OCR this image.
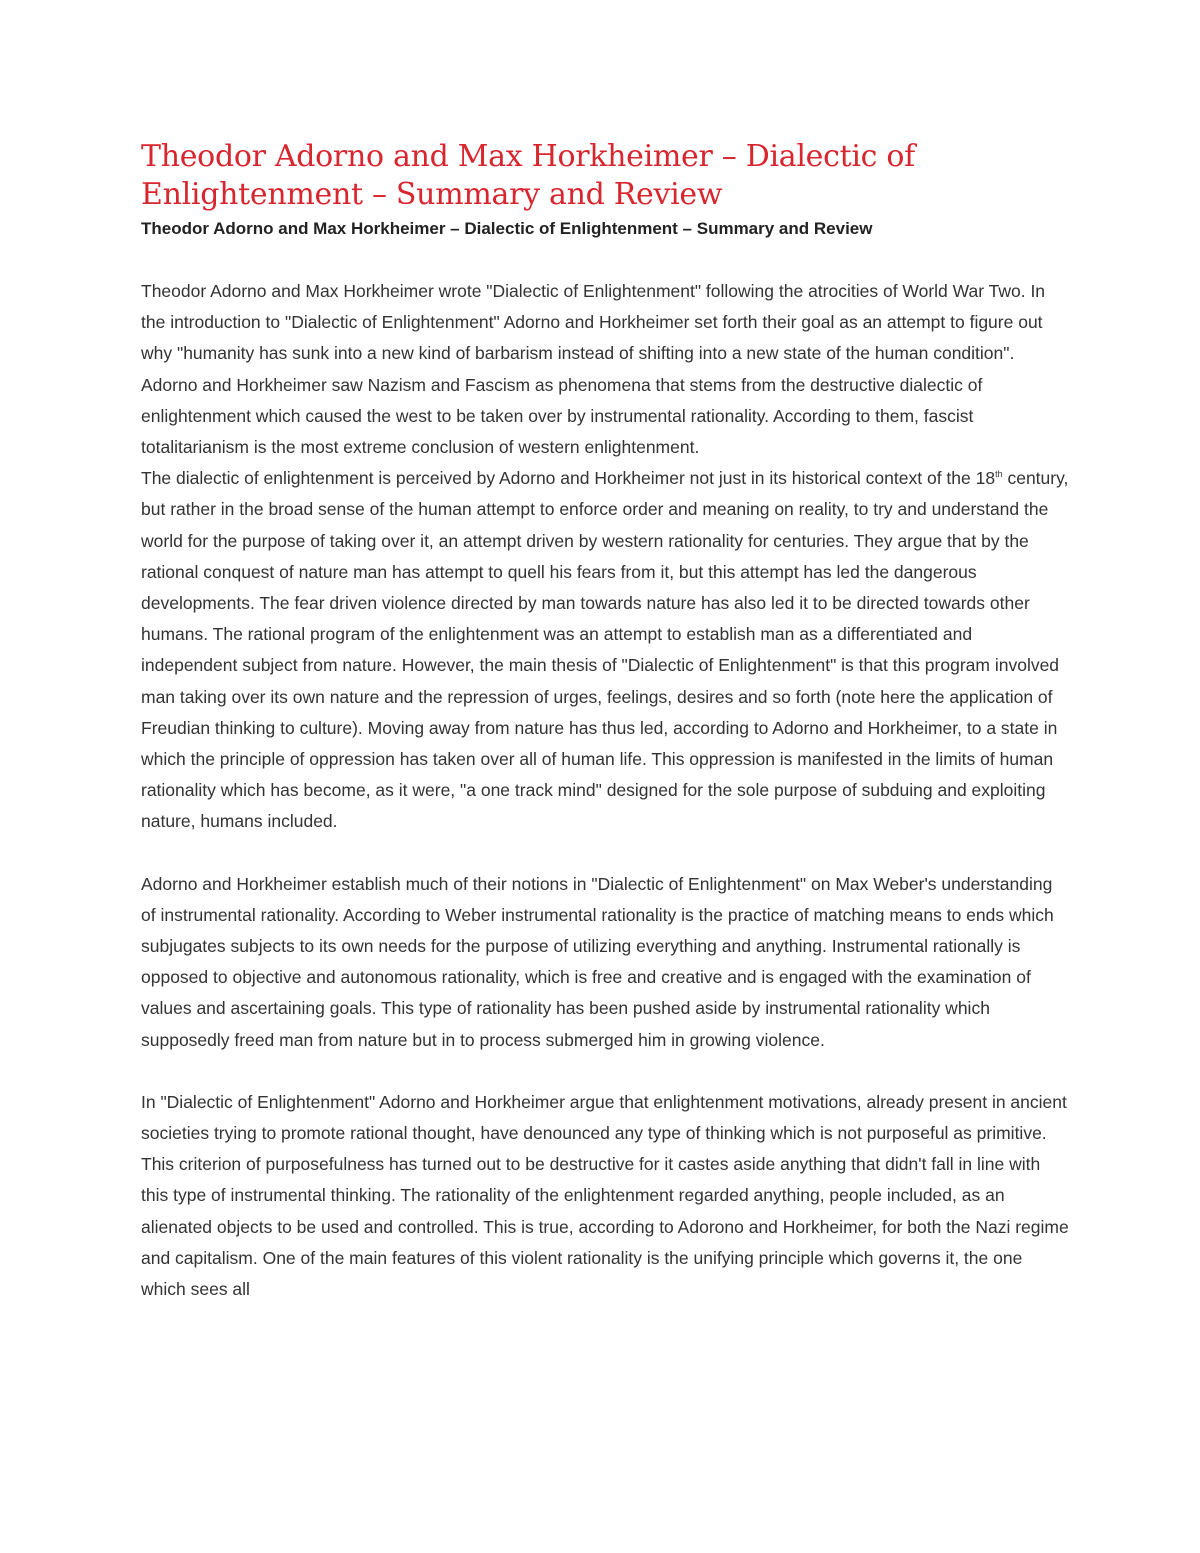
Theodor Adorno and Max Horkheimer – Dialectic of Enlightenment – Summary and Review
Theodor Adorno and Max Horkheimer – Dialectic of Enlightenment – Summary and Review

Theodor Adorno and Max Horkheimer wrote "Dialectic of Enlightenment" following the atrocities of World War Two. In the introduction to "Dialectic of Enlightenment" Adorno and Horkheimer set forth their goal as an attempt to figure out why "humanity has sunk into a new kind of barbarism instead of shifting into a new state of the human condition". Adorno and Horkheimer saw Nazism and Fascism as phenomena that stems from the destructive dialectic of enlightenment which caused the west to be taken over by instrumental rationality. According to them, fascist totalitarianism is the most extreme conclusion of western enlightenment.

The dialectic of enlightenment is perceived by Adorno and Horkheimer not just in its historical context of the 18th century, but rather in the broad sense of the human attempt to enforce order and meaning on reality, to try and understand the world for the purpose of taking over it, an attempt driven by western rationality for centuries. They argue that by the rational conquest of nature man has attempt to quell his fears from it, but this attempt has led the dangerous developments. The fear driven violence directed by man towards nature has also led it to be directed towards other humans. The rational program of the enlightenment was an attempt to establish man as a differentiated and independent subject from nature. However, the main thesis of "Dialectic of Enlightenment" is that this program involved man taking over its own nature and the repression of urges, feelings, desires and so forth (note here the application of Freudian thinking to culture). Moving away from nature has thus led, according to Adorno and Horkheimer, to a state in which the principle of oppression has taken over all of human life. This oppression is manifested in the limits of human rationality which has become, as it were, "a one track mind" designed for the sole purpose of subduing and exploiting nature, humans included.

Adorno and Horkheimer establish much of their notions in "Dialectic of Enlightenment" on Max Weber's understanding of instrumental rationality. According to Weber instrumental rationality is the practice of matching means to ends which subjugates subjects to its own needs for the purpose of utilizing everything and anything. Instrumental rationally is opposed to objective and autonomous rationality, which is free and creative and is engaged with the examination of values and ascertaining goals. This type of rationality has been pushed aside by instrumental rationality which supposedly freed man from nature but in to process submerged him in growing violence.

In "Dialectic of Enlightenment" Adorno and Horkheimer argue that enlightenment motivations, already present in ancient societies trying to promote rational thought, have denounced any type of thinking which is not purposeful as primitive. This criterion of purposefulness has turned out to be destructive for it castes aside anything that didn't fall in line with this type of instrumental thinking. The rationality of the enlightenment regarded anything, people included, as an alienated objects to be used and controlled. This is true, according to Adorono and Horkheimer, for both the Nazi regime and capitalism. One of the main features of this violent rationality is the unifying principle which governs it, the one which sees all
